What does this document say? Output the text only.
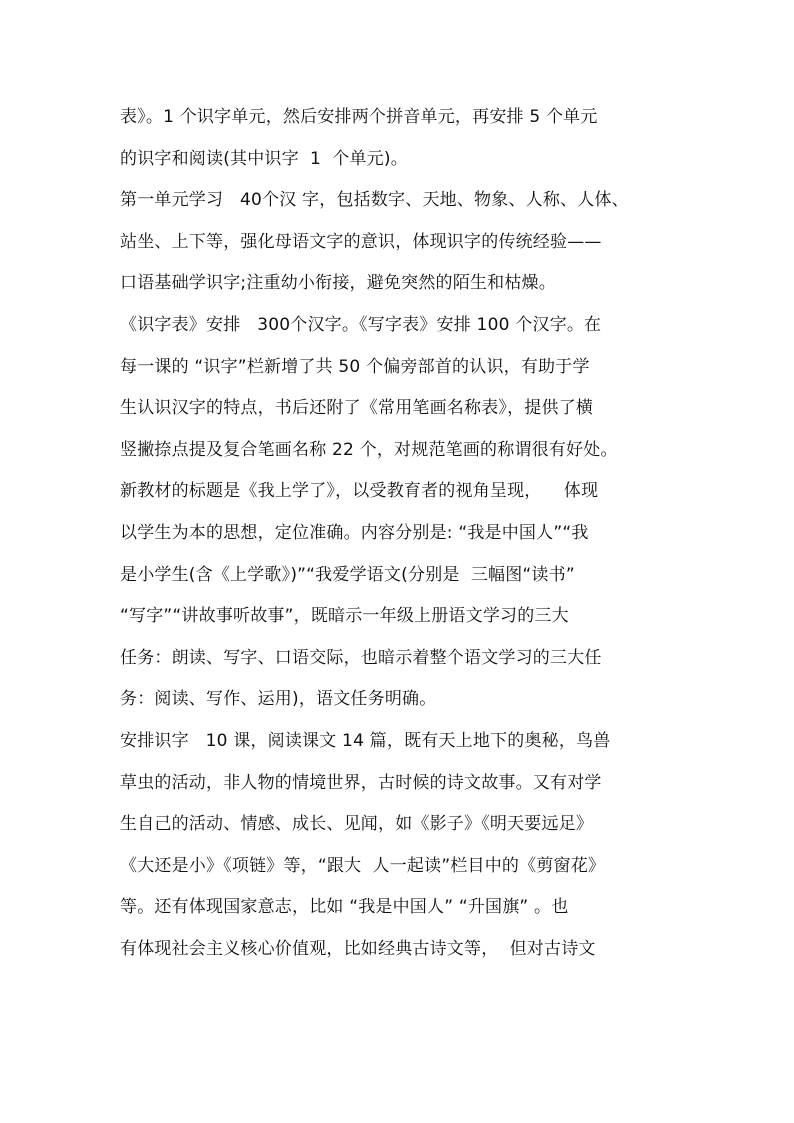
表》。1 个识字单元，然后安排两个拼音单元，再安排 5 个单元
的识字和阅读(其中识字  1  个单元)。
第一单元学习   40个汉 字，包括数字、天地、物象、人称、人体、
站坐、上下等，强化母语文字的意识，体现识字的传统经验——
口语基础学识字;注重幼小衔接，避免突然的陌生和枯燥。
《识字表》安排   300个汉字。《写字表》安排 100 个汉字。在
每一课的 “识字”栏新增了共 50 个偏旁部首的认识，有助于学
生认识汉字的特点，书后还附了《常用笔画名称表》，提供了横
竖撇捺点提及复合笔画名称 22 个，对规范笔画的称谓很有好处。
新教材的标题是《我上学了》，以受教育者的视角呈现，    体现
以学生为本的思想，定位准确。内容分别是: “我是中国人”“我
是小学生(含《上学歌》)”“我爱学语文(分别是  三幅图“读书”
“写字”“讲故事听故事”，既暗示一年级上册语文学习的三大
任务：朗读、写字、口语交际，也暗示着整个语文学习的三大任
务：阅读、写作、运用)，语文任务明确。
安排识字   10 课，阅读课文 14 篇，既有天上地下的奥秘，鸟兽
草虫的活动，非人物的情境世界，古时候的诗文故事。又有对学
生自己的活动、情感、成长、见闻，如《影子》《明天要远足》
《大还是小》《项链》等，“跟大  人一起读”栏目中的《剪窗花》
等。还有体现国家意志，比如 “我是中国人” “升国旗” 。也
有体现社会主义核心价值观，比如经典古诗文等，  但对古诗文
